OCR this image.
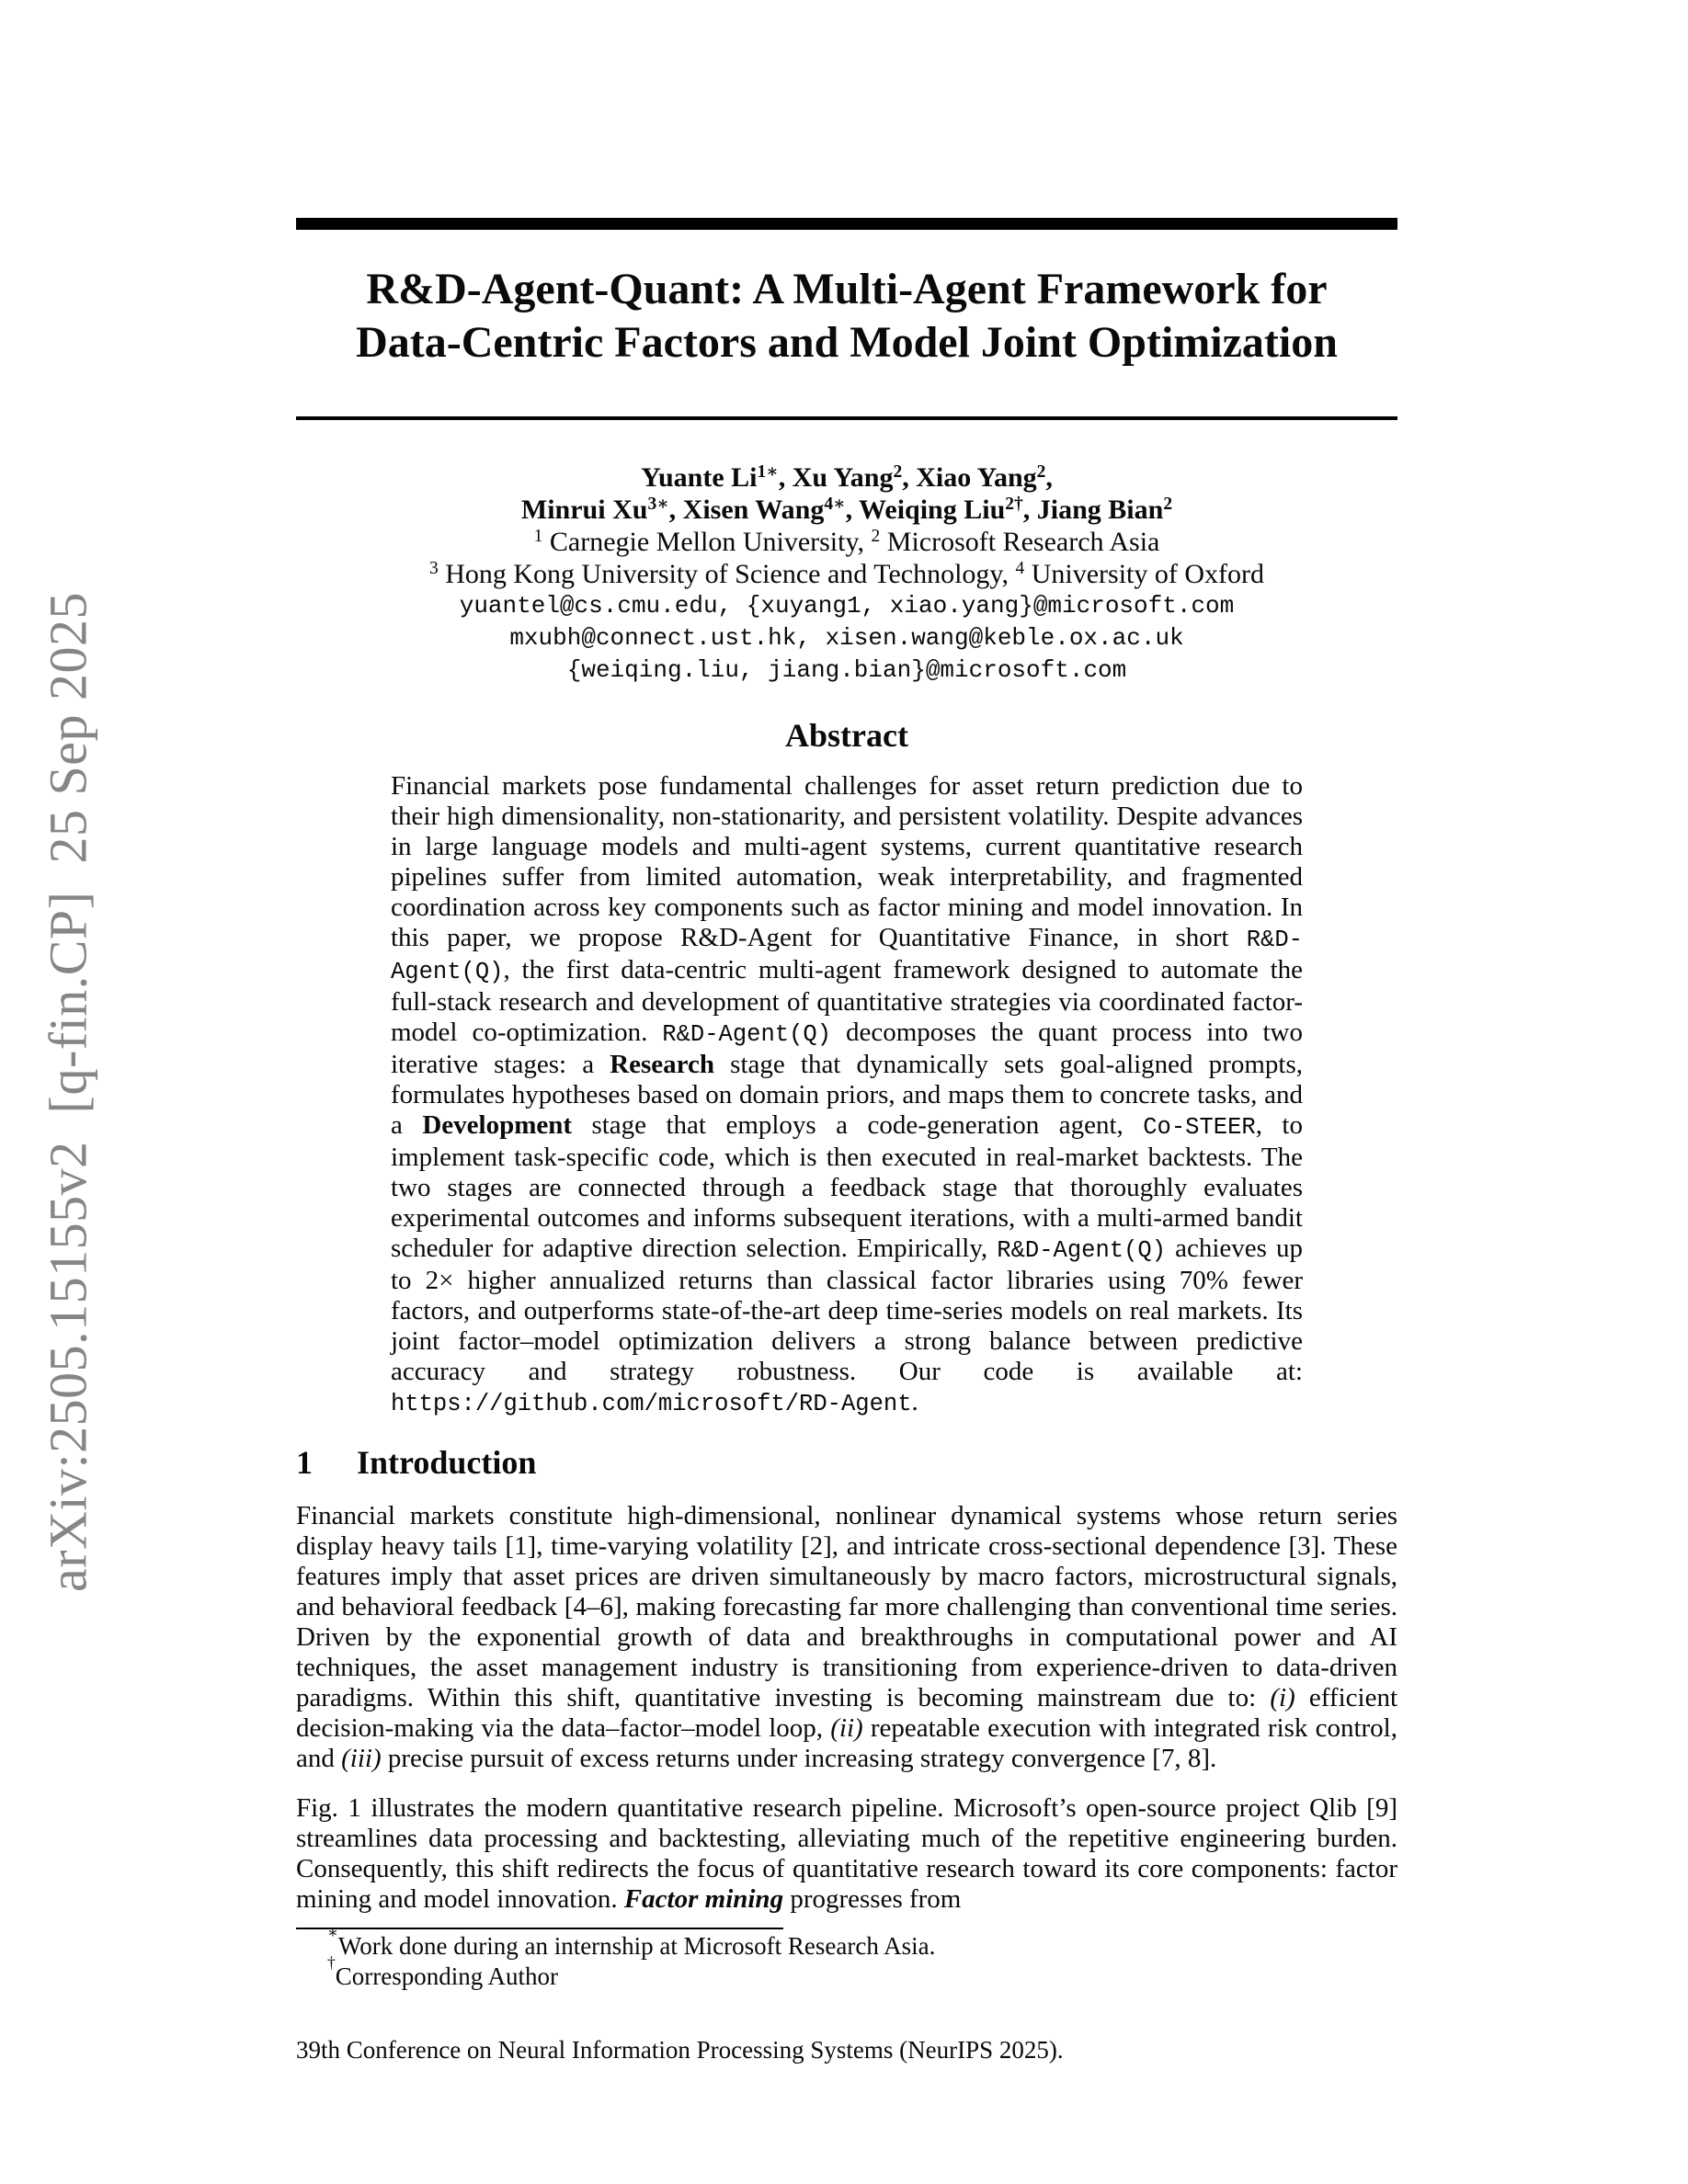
arXiv:2505.15155v2  [q-fin.CP]  25 Sep 2025
R&D-Agent-Quant: A Multi-Agent Framework for
Data-Centric Factors and Model Joint Optimization
Yuante $Li^{1∗}$, Xu Yang$^2$, Xiao Yang$^2$,
Minrui $Xu^{3∗}$, Xisen Wang$^{4∗}$, Weiqing Liu$^{2\dagger}$, Jiang Bian$^2$
$^1$ Carnegie Mellon University, $^2$ Microsoft Research Asia
$^3$ Hong Kong University of Science and Technology, $^4$ University of Oxford
yuantel@cs.cmu.edu, {xuyang1, xiao.yang}@microsoft.com
mxubh@connect.ust.hk, xisen.wang@keble.ox.ac.uk
{weiqing.liu, jiang.bian}@microsoft.com
Abstract

Financial markets pose fundamental challenges for asset return prediction due to their high dimensionality, non-stationarity, and persistent volatility. Despite advances in large language models and multi-agent systems, current quantitative research pipelines suffer from limited automation, weak interpretability, and fragmented coordination across key components such as factor mining and model innovation. In this paper, we propose R&D-Agent for Quantitative Finance, in short R&D-Agent(Q), the first data-centric multi-agent framework designed to automate the full-stack research and development of quantitative strategies via coordinated factor-model co-optimization. R&D-Agent(Q) decomposes the quant process into two iterative stages: a Research stage that dynamically sets goal-aligned prompts, formulates hypotheses based on domain priors, and maps them to concrete tasks, and a Development stage that employs a code-generation agent, Co-STEER, to implement task-specific code, which is then executed in real-market backtests. The two stages are connected through a feedback stage that thoroughly evaluates experimental outcomes and informs subsequent iterations, with a multi-armed bandit scheduler for adaptive direction selection. Empirically, R&D-Agent(Q) achieves up to 2× higher annualized returns than classical factor libraries using 70% fewer factors, and outperforms state-of-the-art deep time-series models on real markets. Its joint factor–model optimization delivers a strong balance between predictive accuracy and strategy robustness. Our code is available at: https://github.com/microsoft/RD-Agent.

1 Introduction

Financial markets constitute high-dimensional, nonlinear dynamical systems whose return series display heavy tails [1], time-varying volatility [2], and intricate cross-sectional dependence [3]. These features imply that asset prices are driven simultaneously by macro factors, microstructural signals, and behavioral feedback [4–6], making forecasting far more challenging than conventional time series. Driven by the exponential growth of data and breakthroughs in computational power and AI techniques, the asset management industry is transitioning from experience-driven to data-driven paradigms. Within this shift, quantitative investing is becoming mainstream due to: (i) efficient decision-making via the data–factor–model loop, (ii) repeatable execution with integrated risk control, and (iii) precise pursuit of excess returns under increasing strategy convergence [7, 8].

Fig. 1 illustrates the modern quantitative research pipeline. Microsoft’s open-source project Qlib [9] streamlines data processing and backtesting, alleviating much of the repetitive engineering burden. Consequently, this shift redirects the focus of quantitative research toward its core components: factor mining and model innovation. Factor mining progresses from

∗Work done during an internship at Microsoft Research Asia.

†Corresponding Author

39th Conference on Neural Information Processing Systems (NeurIPS 2025).
